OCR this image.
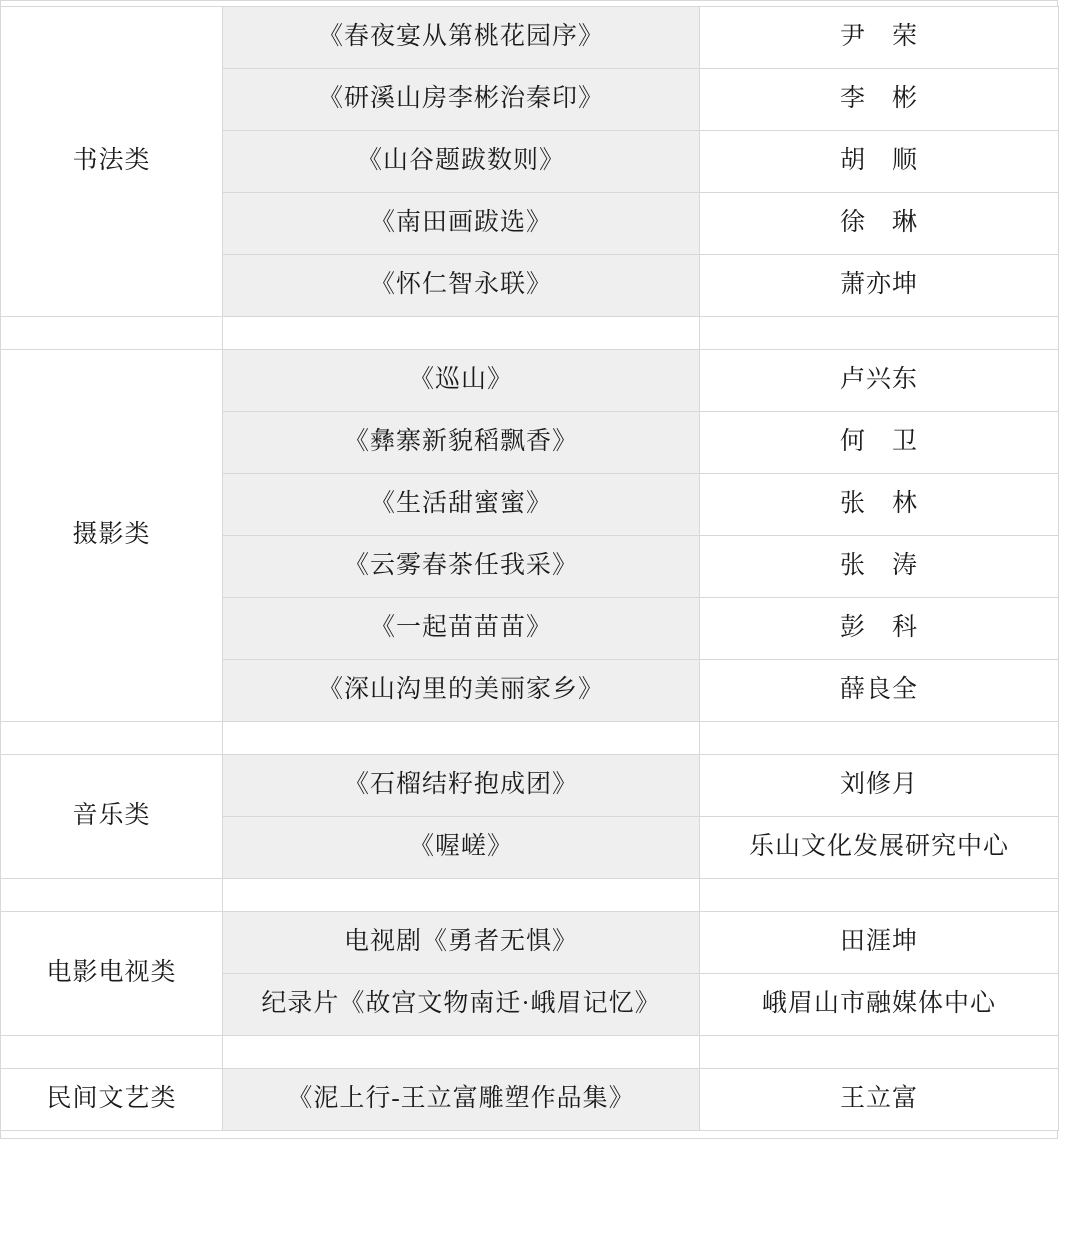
书法类	《春夜宴从第桃花园序》	尹　荣
	《研溪山房李彬治秦印》	李　彬
	《山谷题跋数则》	胡　顺
	《南田画跋选》	徐　琳
	《怀仁智永联》	萧亦坤

摄影类	《巡山》	卢兴东
	《彝寨新貌稻飘香》	何　卫
	《生活甜蜜蜜》	张　林
	《云雾春茶任我采》	张　涛
	《一起苗苗苗》	彭　科
	《深山沟里的美丽家乡》	薛良全

音乐类	《石榴结籽抱成团》	刘修月
	《喔嵯》	乐山文化发展研究中心

电影电视类	电视剧《勇者无惧》	田涯坤
	纪录片《故宫文物南迁·峨眉记忆》	峨眉山市融媒体中心

民间文艺类	《泥上行-王立富雕塑作品集》	王立富
